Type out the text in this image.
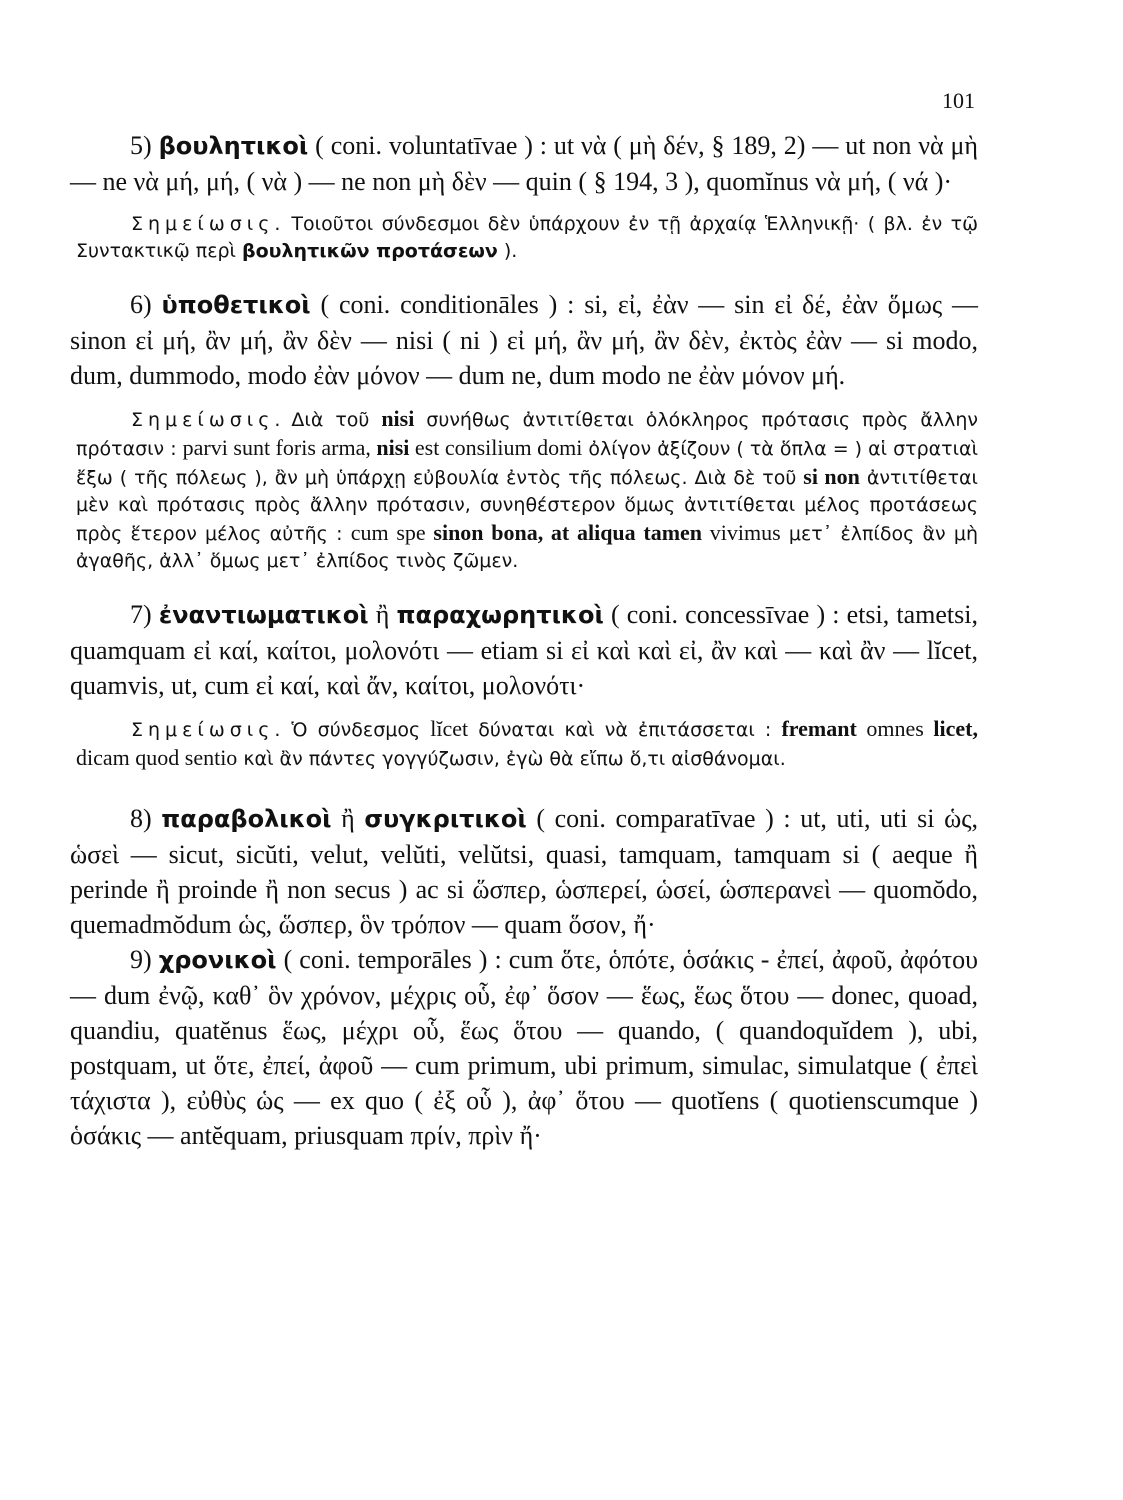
101

5) βουλητικοὶ ( coni. voluntatīvae ) : ut νὰ ( μὴ δέν, § 189, 2) — ut non νὰ μὴ — ne νὰ μή, μή, ( νὰ ) — ne non μὴ δὲν — quin ( § 194, 3 ), quomĭnus νὰ μή, ( νά )·

Σημείωσις. Τοιοῦτοι σύνδεσμοι δὲν ὑπάρχουν ἐν τῇ ἀρχαίᾳ Ἑλληνικῇ· ( βλ. ἐν τῷ Συντακτικῷ περὶ βουλητικῶν προτάσεων ).

6) ὑποθετικοὶ ( coni. conditionāles ) : si, εἰ, ἐὰν — sin εἰ δέ, ἐὰν ὅμως — sinon εἰ μή, ἂν μή, ἂν δὲν — nisi ( ni ) εἰ μή, ἂν μή, ἂν δὲν, ἐκτὸς ἐὰν — si modo, dum, dummodo, modo ἐὰν μόνον — dum ne, dum modo ne ἐὰν μόνον μή.

Σημείωσις. Διὰ τοῦ nisi συνήθως ἀντιτίθεται ὁλόκληρος πρότασις πρὸς ἄλλην πρότασιν : parvi sunt foris arma, nisi est consilium domi ὀλίγον ἀξίζουν ( τὰ ὅπλα = ) αἱ στρατιαὶ ἔξω ( τῆς πόλεως ), ἂν μὴ ὑπάρχῃ εὐβουλία ἐντὸς τῆς πόλεως. Διὰ δὲ τοῦ si non ἀντιτίθεται μὲν καὶ πρότασις πρὸς ἄλλην πρότασιν, συνηθέστερον ὅμως ἀντιτίθεται μέλος προτάσεως πρὸς ἕτερον μέλος αὐτῆς : cum spe sinon bona, at aliqua tamen vivimus μετ᾽ ἐλπίδος ἂν μὴ ἀγαθῆς, ἀλλ᾽ ὅμως μετ᾽ ἐλπίδος τινὸς ζῶμεν.

7) ἐναντιωματικοὶ ἢ παραχωρητικοὶ ( coni. concessīvae ) : etsi, tametsi, quamquam εἰ καί, καίτοι, μολονότι — etiam si εἰ καὶ καὶ εἰ, ἂν καὶ — καὶ ἂν — lĭcet, quamvis, ut, cum εἰ καί, καὶ ἄν, καίτοι, μολονότι·

Σημείωσις. Ὁ σύνδεσμος lĭcet δύναται καὶ νὰ ἐπιτάσσεται : fremant omnes licet, dicam quod sentio καὶ ἂν πάντες γογγύζωσιν, ἐγὼ θὰ εἴπω ὅ,τι αἰσθάνομαι.

8) παραβολικοὶ ἢ συγκριτικοὶ ( coni. comparatīvae ) : ut, uti, uti si ὡς, ὡσεὶ — sicut, sicŭti, velut, velŭti, velŭtsi, quasi, tamquam, tamquam si ( aeque ἢ perinde ἢ proinde ἢ non secus ) ac si ὥσπερ, ὡσπερεί, ὡσεί, ὡσπερανεὶ — quomŏdo, quemadmŏdum ὡς, ὥσπερ, ὃν τρόπον — quam ὅσον, ἤ·

9) χρονικοὶ ( coni. temporāles ) : cum ὅτε, ὁπότε, ὁσάκις - ἐπεί, ἀφοῦ, ἀφότου — dum ἐνῷ, καθ᾽ ὃν χρόνον, μέχρις οὗ, ἐφ᾽ ὅσον — ἕως, ἕως ὅτου — donec, quoad, quandiu, quatĕnus ἕως, μέχρι οὗ, ἕως ὅτου — quando, ( quandoquĭdem ), ubi, postquam, ut ὅτε, ἐπεί, ἀφοῦ — cum primum, ubi primum, simulac, simulatque ( ἐπεὶ τάχιστα ), εὐθὺς ὡς — ex quo ( ἐξ οὗ ), ἀφ᾽ ὅτου — quotĭens ( quotienscumque ) ὁσάκις — antĕquam, priusquam πρίν, πρὶν ἤ·
